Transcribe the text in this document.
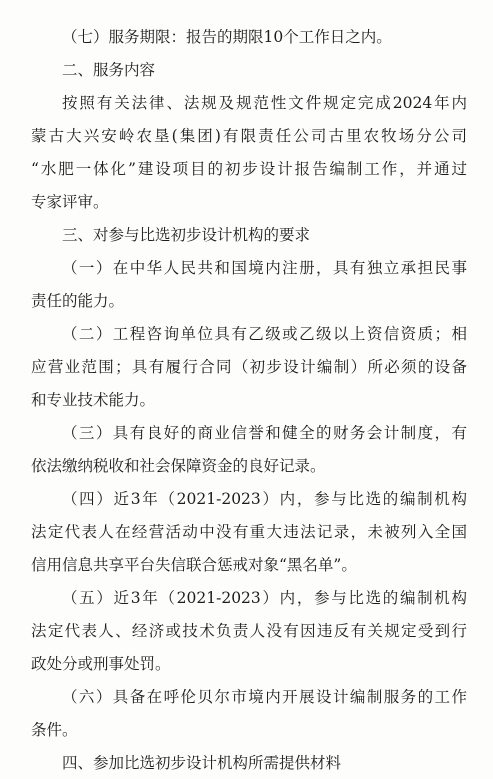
（七）服务期限：报告的期限10个工作日之内。
二、服务内容
按照有关法律、法规及规范性文件规定完成2024年内
蒙古大兴安岭农垦(集团)有限责任公司古里农牧场分公司
“水肥一体化”建设项目的初步设计报告编制工作，并通过
专家评审。
三、对参与比选初步设计机构的要求
（一）在中华人民共和国境内注册，具有独立承担民事
责任的能力。
（二）工程咨询单位具有乙级或乙级以上资信资质；相
应营业范围；具有履行合同（初步设计编制）所必须的设备
和专业技术能力。
（三）具有良好的商业信誉和健全的财务会计制度，有
依法缴纳税收和社会保障资金的良好记录。
（四）近3年（2021-2023）内，参与比选的编制机构
法定代表人在经营活动中没有重大违法记录，未被列入全国
信用信息共享平台失信联合惩戒对象“黑名单”。
（五）近3年（2021-2023）内，参与比选的编制机构
法定代表人、经济或技术负责人没有因违反有关规定受到行
政处分或刑事处罚。
（六）具备在呼伦贝尔市境内开展设计编制服务的工作
条件。
四、参加比选初步设计机构所需提供材料
